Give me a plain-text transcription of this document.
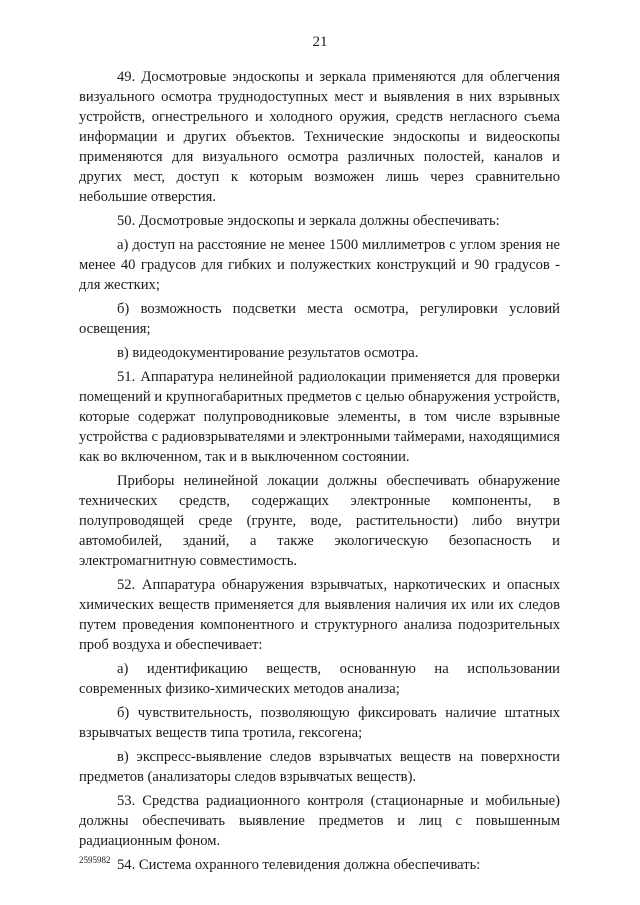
21

49. Досмотровые эндоскопы и зеркала применяются для облегчения визуального осмотра труднодоступных мест и выявления в них взрывных устройств, огнестрельного и холодного оружия, средств негласного съема информации и других объектов. Технические эндоскопы и видеоскопы применяются для визуального осмотра различных полостей, каналов и других мест, доступ к которым возможен лишь через сравнительно небольшие отверстия.

50. Досмотровые эндоскопы и зеркала должны обеспечивать:

а) доступ на расстояние не менее 1500 миллиметров с углом зрения не менее 40 градусов для гибких и полужестких конструкций и 90 градусов - для жестких;

б) возможность подсветки места осмотра, регулировки условий освещения;

в) видеодокументирование результатов осмотра.

51. Аппаратура нелинейной радиолокации применяется для проверки помещений и крупногабаритных предметов с целью обнаружения устройств, которые содержат полупроводниковые элементы, в том числе взрывные устройства с радиовзрывателями и электронными таймерами, находящимися как во включенном, так и в выключенном состоянии.

Приборы нелинейной локации должны обеспечивать обнаружение технических средств, содержащих электронные компоненты, в полупроводящей среде (грунте, воде, растительности) либо внутри автомобилей, зданий, а также экологическую безопасность и электромагнитную совместимость.

52. Аппаратура обнаружения взрывчатых, наркотических и опасных химических веществ применяется для выявления наличия их или их следов путем проведения компонентного и структурного анализа подозрительных проб воздуха и обеспечивает:

а) идентификацию веществ, основанную на использовании современных физико-химических методов анализа;

б) чувствительность, позволяющую фиксировать наличие штатных взрывчатых веществ типа тротила, гексогена;

в) экспресс-выявление следов взрывчатых веществ на поверхности предметов (анализаторы следов взрывчатых веществ).

53. Средства радиационного контроля (стационарные и мобильные) должны обеспечивать выявление предметов и лиц с повышенным радиационным фоном.

54. Система охранного телевидения должна обеспечивать:

2595982
